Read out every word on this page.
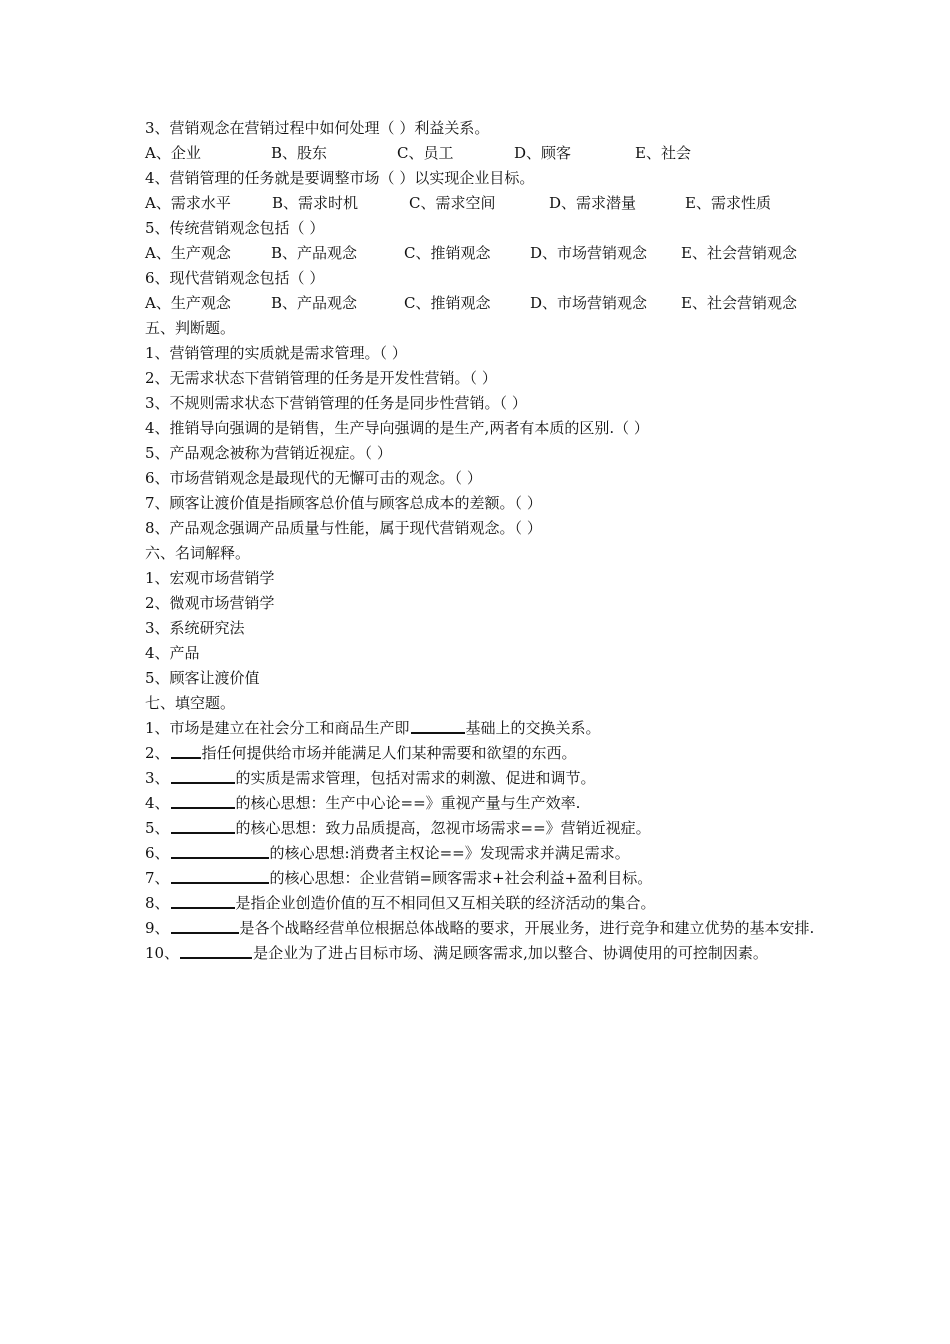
3、营销观念在营销过程中如何处理（ ）利益关系。
A、企业	B、股东	C、员工	D、顾客	E、社会
4、营销管理的任务就是要调整市场（ ）以实现企业目标。
A、需求水平	B、需求时机	C、需求空间	D、需求潜量	E、需求性质
5、传统营销观念包括（ ）
A、生产观念	B、产品观念	C、推销观念	D、市场营销观念	E、社会营销观念
6、现代营销观念包括（ ）
A、生产观念	B、产品观念	C、推销观念	D、市场营销观念	E、社会营销观念
五、判断题。
1、营销管理的实质就是需求管理。（ ）
2、无需求状态下营销管理的任务是开发性营销。（ ）
3、不规则需求状态下营销管理的任务是同步性营销。（ ）
4、推销导向强调的是销售，生产导向强调的是生产,两者有本质的区别.（ ）
5、产品观念被称为营销近视症。（ ）
6、市场营销观念是最现代的无懈可击的观念。（ ）
7、顾客让渡价值是指顾客总价值与顾客总成本的差额。（ ）
8、产品观念强调产品质量与性能，属于现代营销观念。（ ）
六、名词解释。
1、宏观市场营销学
2、微观市场营销学
3、系统研究法
4、产品
5、顾客让渡价值
七、填空题。
1、市场是建立在社会分工和商品生产即	基础上的交换关系。
2、 指任何提供给市场并能满足人们某种需要和欲望的东西。
3、	的实质是需求管理，包括对需求的刺激、促进和调节。
4、	的核心思想：生产中心论==》重视产量与生产效率.
5、	的核心思想：致力品质提高，忽视市场需求==》营销近视症。
6、	的核心思想:消费者主权论==》发现需求并满足需求。
7、	的核心思想：企业营销=顾客需求+社会利益+盈利目标。
8、	是指企业创造价值的互不相同但又互相关联的经济活动的集合。
9、	是各个战略经营单位根据总体战略的要求，开展业务，进行竞争和建立优势的基本安排.
10、	是企业为了进占目标市场、满足顾客需求,加以整合、协调使用的可控制因素。
